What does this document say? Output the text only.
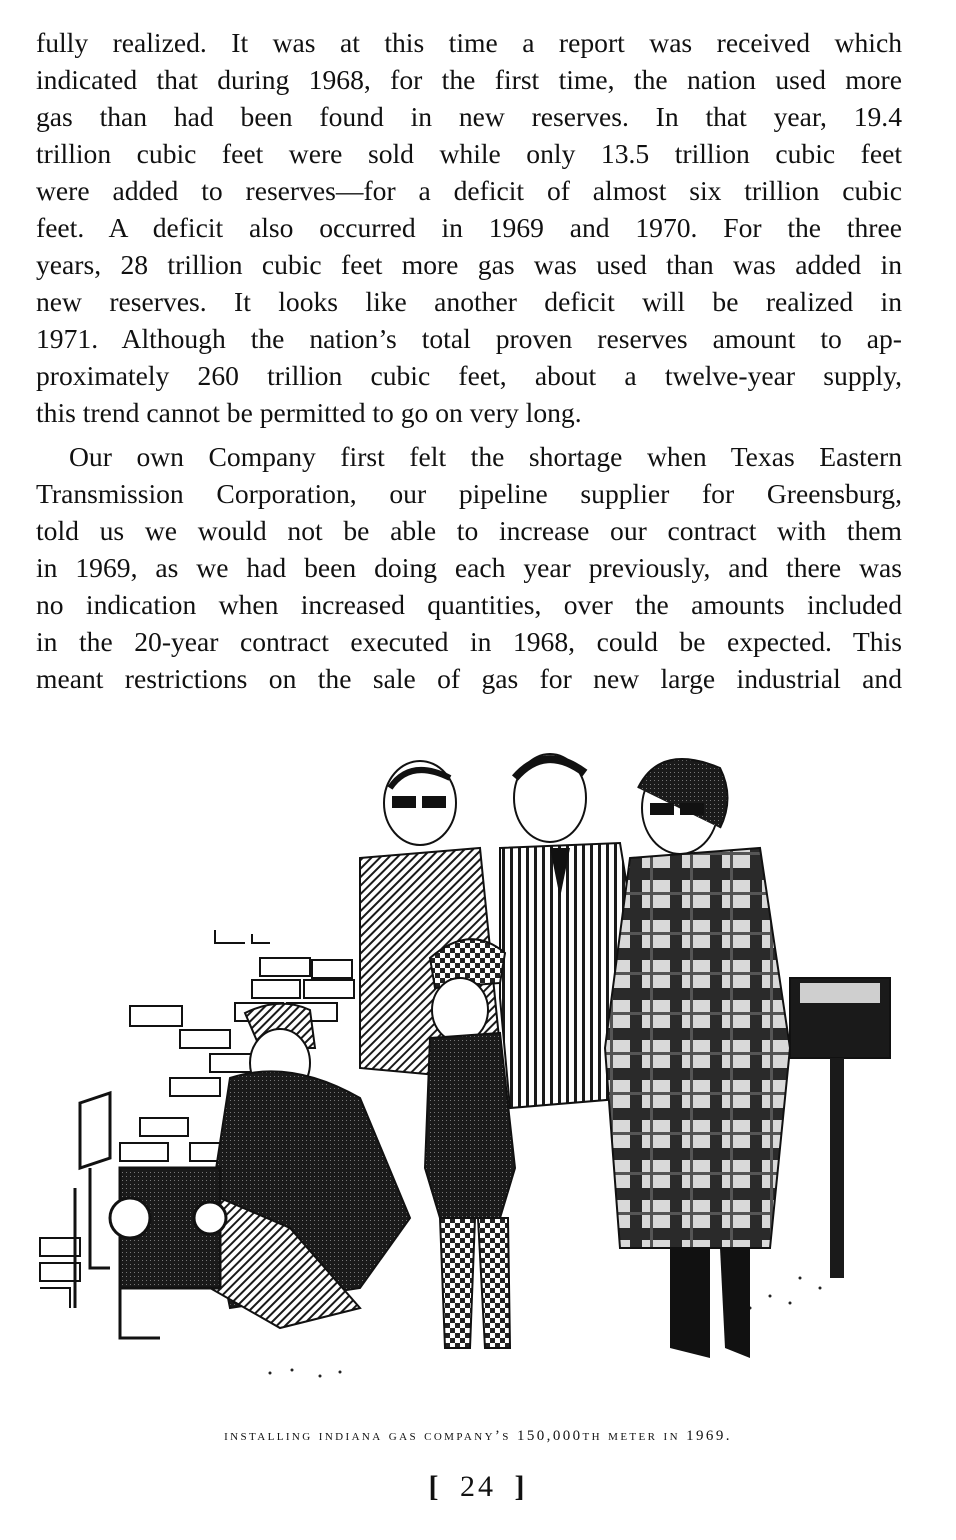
fully realized. It was at this time a report was received which
indicated that during 1968, for the first time, the nation used more
gas than had been found in new reserves. In that year, 19.4
trillion cubic feet were sold while only 13.5 trillion cubic feet
were added to reserves—for a deficit of almost six trillion cubic
feet. A deficit also occurred in 1969 and 1970. For the three
years, 28 trillion cubic feet more gas was used than was added in
new reserves. It looks like another deficit will be realized in
1971. Although the nation’s total proven reserves amount to ap-
proximately 260 trillion cubic feet, about a twelve-year supply,
this trend cannot be permitted to go on very long.

Our own Company first felt the shortage when Texas Eastern
Transmission Corporation, our pipeline supplier for Greensburg,
told us we would not be able to increase our contract with them
in 1969, as we had been doing each year previously, and there was
no indication when increased quantities, over the amounts included
in the 20-year contract executed in 1968, could be expected. This
meant restrictions on the sale of gas for new large industrial and

installing indiana gas company’s 150,000th meter in 1969.
[ 24 ]
